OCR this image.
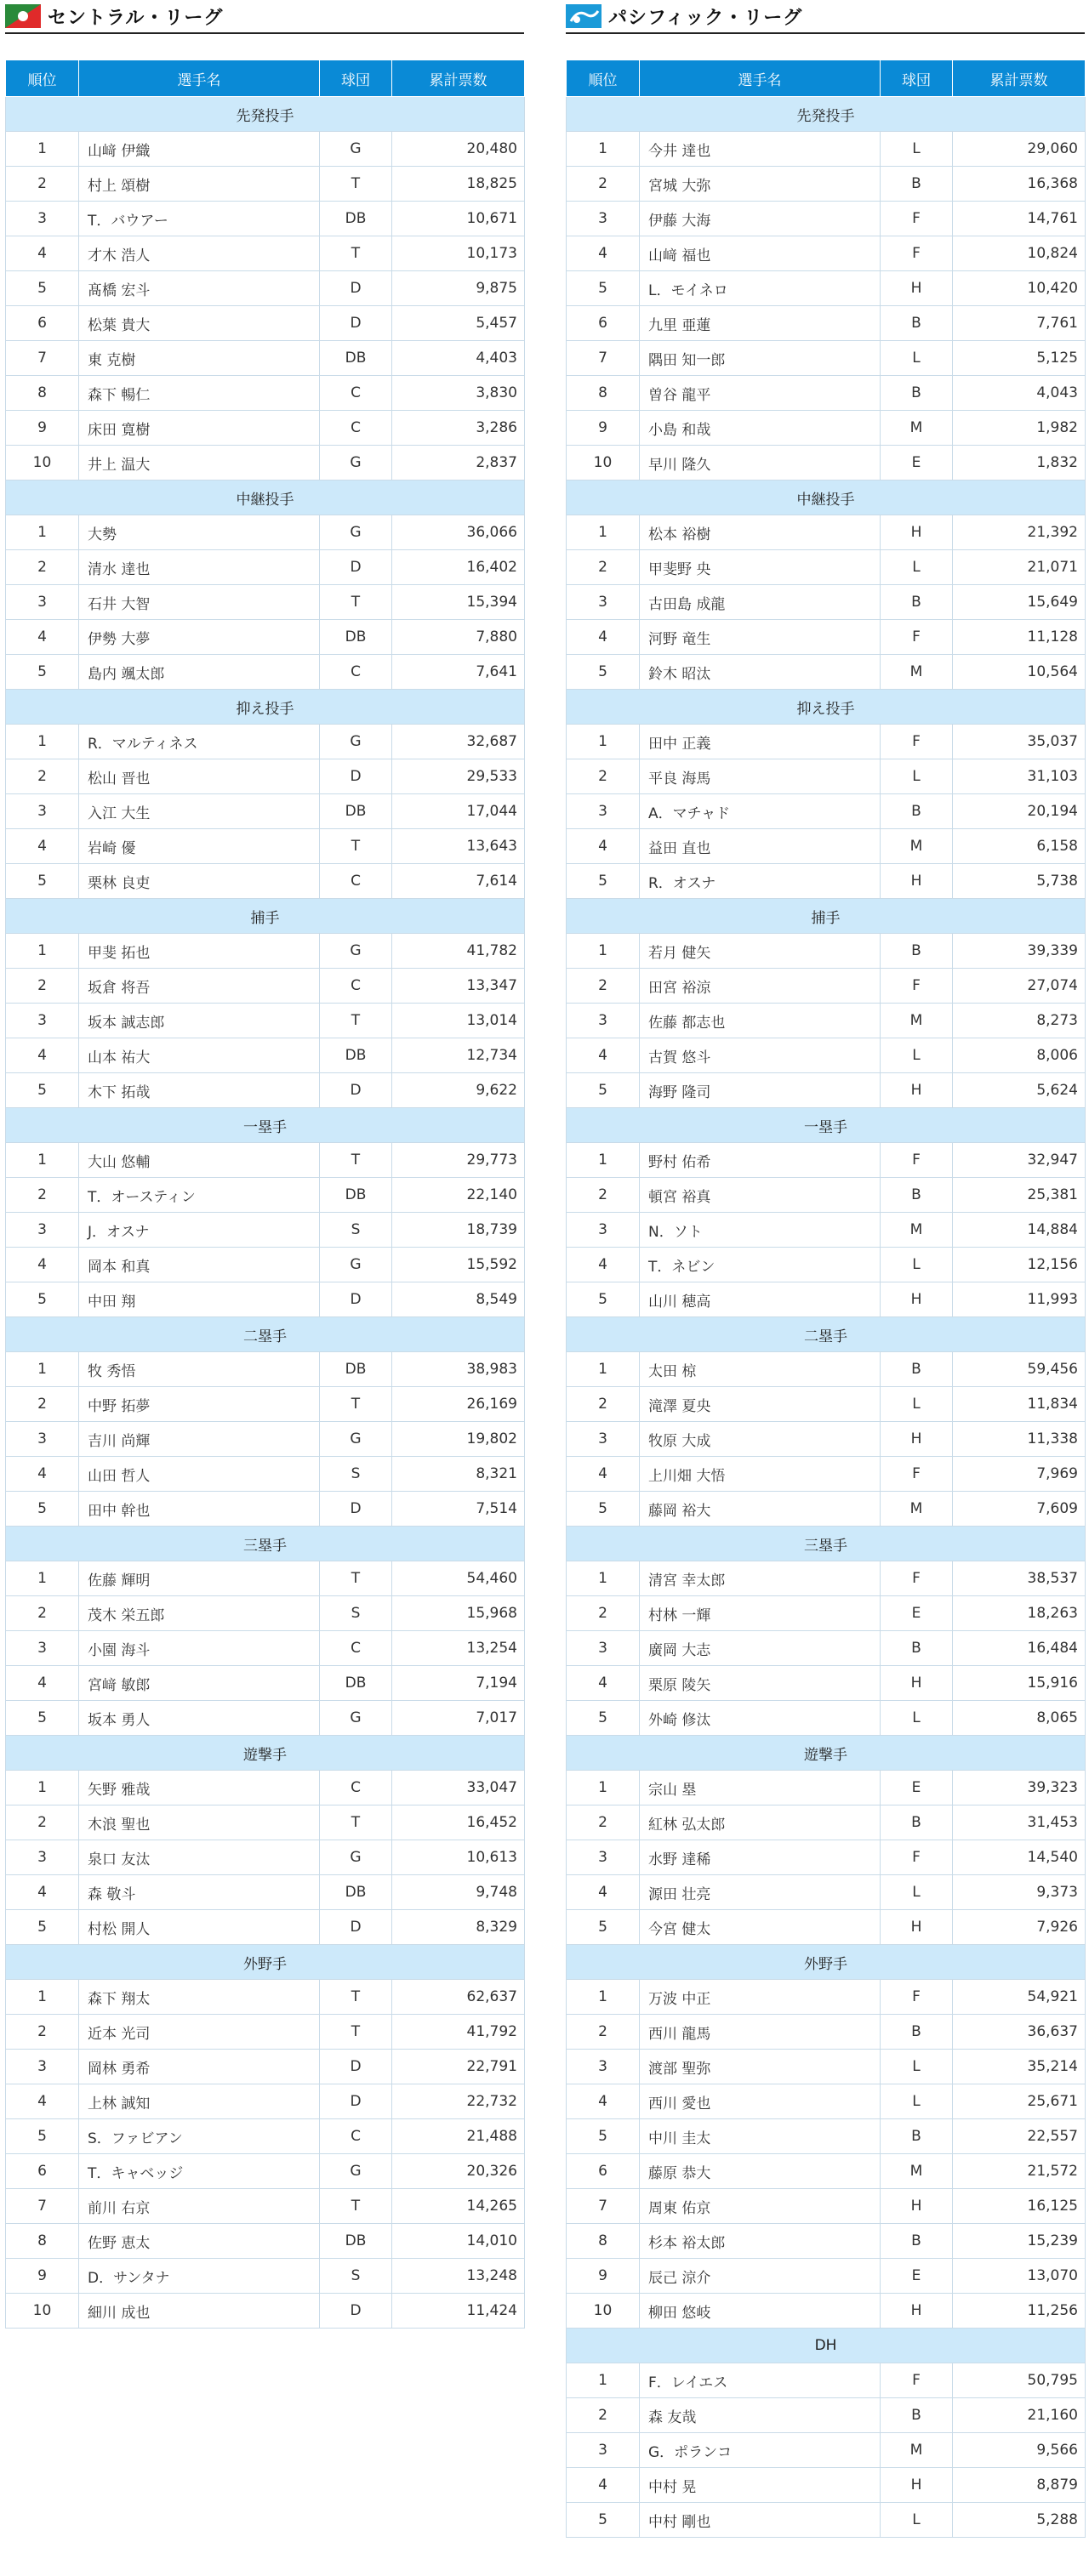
セントラル・リーグ
順位	選手名	球団	累計票数
先発投手			
1	山﨑 伊織	G	20,480
2	村上 頌樹	T	18,825
3	T．バウアー	DB	10,671
4	才木 浩人	T	10,173
5	髙橋 宏斗	D	9,875
6	松葉 貴大	D	5,457
7	東 克樹	DB	4,403
8	森下 暢仁	C	3,830
9	床田 寛樹	C	3,286
10	井上 温大	G	2,837
中継投手			
1	大勢	G	36,066
2	清水 達也	D	16,402
3	石井 大智	T	15,394
4	伊勢 大夢	DB	7,880
5	島内 颯太郎	C	7,641
抑え投手			
1	R．マルティネス	G	32,687
2	松山 晋也	D	29,533
3	入江 大生	DB	17,044
4	岩崎 優	T	13,643
5	栗林 良吏	C	7,614
捕手			
1	甲斐 拓也	G	41,782
2	坂倉 将吾	C	13,347
3	坂本 誠志郎	T	13,014
4	山本 祐大	DB	12,734
5	木下 拓哉	D	9,622
一塁手			
1	大山 悠輔	T	29,773
2	T．オースティン	DB	22,140
3	J．オスナ	S	18,739
4	岡本 和真	G	15,592
5	中田 翔	D	8,549
二塁手			
1	牧 秀悟	DB	38,983
2	中野 拓夢	T	26,169
3	吉川 尚輝	G	19,802
4	山田 哲人	S	8,321
5	田中 幹也	D	7,514
三塁手			
1	佐藤 輝明	T	54,460
2	茂木 栄五郎	S	15,968
3	小園 海斗	C	13,254
4	宮﨑 敏郎	DB	7,194
5	坂本 勇人	G	7,017
遊撃手			
1	矢野 雅哉	C	33,047
2	木浪 聖也	T	16,452
3	泉口 友汰	G	10,613
4	森 敬斗	DB	9,748
5	村松 開人	D	8,329
外野手			
1	森下 翔太	T	62,637
2	近本 光司	T	41,792
3	岡林 勇希	D	22,791
4	上林 誠知	D	22,732
5	S．ファビアン	C	21,488
6	T．キャベッジ	G	20,326
7	前川 右京	T	14,265
8	佐野 恵太	DB	14,010
9	D．サンタナ	S	13,248
10	細川 成也	D	11,424
パシフィック・リーグ
順位	選手名	球団	累計票数
先発投手			
1	今井 達也	L	29,060
2	宮城 大弥	B	16,368
3	伊藤 大海	F	14,761
4	山﨑 福也	F	10,824
5	L．モイネロ	H	10,420
6	九里 亜蓮	B	7,761
7	隅田 知一郎	L	5,125
8	曽谷 龍平	B	4,043
9	小島 和哉	M	1,982
10	早川 隆久	E	1,832
中継投手			
1	松本 裕樹	H	21,392
2	甲斐野 央	L	21,071
3	古田島 成龍	B	15,649
4	河野 竜生	F	11,128
5	鈴木 昭汰	M	10,564
抑え投手			
1	田中 正義	F	35,037
2	平良 海馬	L	31,103
3	A．マチャド	B	20,194
4	益田 直也	M	6,158
5	R．オスナ	H	5,738
捕手			
1	若月 健矢	B	39,339
2	田宮 裕涼	F	27,074
3	佐藤 都志也	M	8,273
4	古賀 悠斗	L	8,006
5	海野 隆司	H	5,624
一塁手			
1	野村 佑希	F	32,947
2	頓宮 裕真	B	25,381
3	N．ソト	M	14,884
4	T．ネビン	L	12,156
5	山川 穂高	H	11,993
二塁手			
1	太田 椋	B	59,456
2	滝澤 夏央	L	11,834
3	牧原 大成	H	11,338
4	上川畑 大悟	F	7,969
5	藤岡 裕大	M	7,609
三塁手			
1	清宮 幸太郎	F	38,537
2	村林 一輝	E	18,263
3	廣岡 大志	B	16,484
4	栗原 陵矢	H	15,916
5	外崎 修汰	L	8,065
遊撃手			
1	宗山 塁	E	39,323
2	紅林 弘太郎	B	31,453
3	水野 達稀	F	14,540
4	源田 壮亮	L	9,373
5	今宮 健太	H	7,926
外野手			
1	万波 中正	F	54,921
2	西川 龍馬	B	36,637
3	渡部 聖弥	L	35,214
4	西川 愛也	L	25,671
5	中川 圭太	B	22,557
6	藤原 恭大	M	21,572
7	周東 佑京	H	16,125
8	杉本 裕太郎	B	15,239
9	辰己 涼介	E	13,070
10	柳田 悠岐	H	11,256
DH			
1	F．レイエス	F	50,795
2	森 友哉	B	21,160
3	G．ポランコ	M	9,566
4	中村 晃	H	8,879
5	中村 剛也	L	5,288
